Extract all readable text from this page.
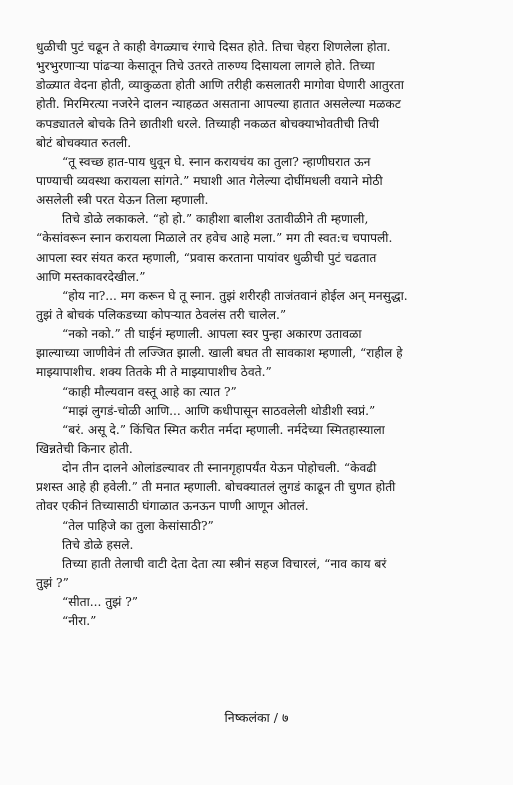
धुळीची पुटं चढून ते काही वेगळ्याच रंगाचे दिसत होते. तिचा चेहरा शिणलेला होता.
भुरभुरणाऱ्या पांढऱ्या केसातून तिचे उतरते तारुण्य दिसायला लागले होते. तिच्या
डोळ्यात वेदना होती, व्याकुळता होती आणि तरीही कसलातरी मागोवा घेणारी आतुरता
होती. मिरमिरत्या नजरेने दालन न्याहळत असताना आपल्या हातात असलेल्या मळकट
कपड्यातले बोचके तिने छातीशी धरले. तिच्याही नकळत बोचक्याभोवतीची तिची
बोटं बोचक्यात रुतली.
“तू स्वच्छ हात-पाय धुवून घे. स्नान करायचंय का तुला? न्हाणीघरात ऊन
पाण्याची व्यवस्था करायला सांगते.” मघाशी आत गेलेल्या दोघींमधली वयाने मोठी
असलेली स्त्री परत येऊन तिला म्हणाली.
तिचे डोळे लकाकले. “हो हो.” काहीशा बालीश उतावीळीने ती म्हणाली,
“केसांवरून स्नान करायला मिळाले तर हवेच आहे मला.” मग ती स्वत:च चपापली.
आपला स्वर संयत करत म्हणाली, “प्रवास करताना पायांवर धुळीची पुटं चढतात
आणि मस्तकावरदेखील.”
“होय ना?... मग करून घे तू स्नान. तुझं शरीरही ताजंतवानं होईल अन् मनसुद्धा.
तुझं ते बोचकं पलिकडच्या कोपऱ्यात ठेवलंस तरी चालेल.”
“नको नको.” ती घाईनं म्हणाली. आपला स्वर पुन्हा अकारण उतावळा
झाल्याच्या जाणीवेनं ती लज्जित झाली. खाली बघत ती सावकाश म्हणाली, “राहील हे
माझ्यापाशीच. शक्य तितके मी ते माझ्यापाशीच ठेवते.”
“काही मौल्यवान वस्तू आहे का त्यात ?”
“माझं लुगडं-चोळी आणि... आणि कधीपासून साठवलेली थोडीशी स्वप्नं.”
“बरं. असू दे.” किंचित स्मित करीत नर्मदा म्हणाली. नर्मदेच्या स्मितहास्याला
खिन्नतेची किनार होती.
दोन तीन दालने ओलांडल्यावर ती स्नानगृहापर्यंत येऊन पोहोचली. “केवढी
प्रशस्त आहे ही हवेली.” ती मनात म्हणाली. बोचक्यातलं लुगडं काढून ती चुणत होती
तोवर एकीनं तिच्यासाठी घंगाळात ऊनऊन पाणी आणून ओतलं.
“तेल पाहिजे का तुला केसांसाठी?”
तिचे डोळे हसले.
तिच्या हाती तेलाची वाटी देता देता त्या स्त्रीनं सहज विचारलं, “नाव काय बरं
तुझं ?”
“सीता... तुझं ?”
“नीरा.”
निष्कलंका / ७
